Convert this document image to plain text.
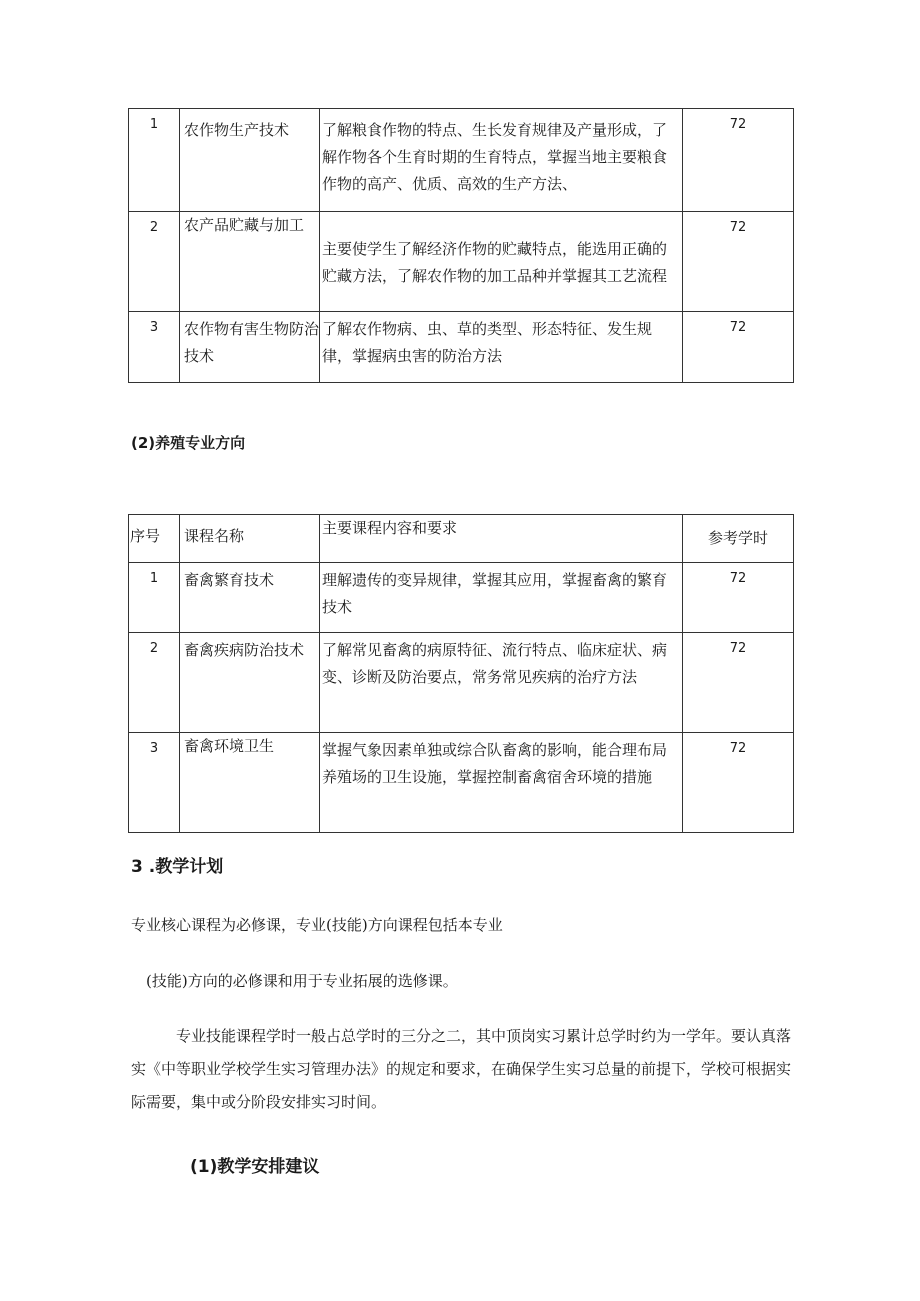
1	农作物生产技术	了解粮食作物的特点、生长发育规律及产量形成，了解作物各个生育时期的生育特点，掌握当地主要粮食作物的高产、优质、高效的生产方法、	72

2	农产品贮藏与加工	主要使学生了解经济作物的贮藏特点，能选用正确的贮藏方法，了解农作物的加工品种并掌握其工艺流程	72

3	农作物有害生物防治技术	了解农作物病、虫、草的类型、形态特征、发生规律，掌握病虫害的防治方法	72
(2)养殖专业方向
序号	课程名称	主要课程内容和要求	参考学时

1	畜禽繁育技术	理解遗传的变异规律，掌握其应用，掌握畜禽的繁育技术	72

2	畜禽疾病防治技术	了解常见畜禽的病原特征、流行特点、临床症状、病变、诊断及防治要点，常务常见疾病的治疗方法	72

3	畜禽环境卫生	掌握气象因素单独或综合队畜禽的影响，能合理布局养殖场的卫生设施，掌握控制畜禽宿舍环境的措施	72
3 .教学计划
专业核心课程为必修课，专业(技能)方向课程包括本专业
(技能)方向的必修课和用于专业拓展的选修课。
专业技能课程学时一般占总学时的三分之二，其中顶岗实习累计总学时约为一学年。要认真落实《中等职业学校学生实习管理办法》的规定和要求，在确保学生实习总量的前提下，学校可根据实际需要，集中或分阶段安排实习时间。
(1)教学安排建议
